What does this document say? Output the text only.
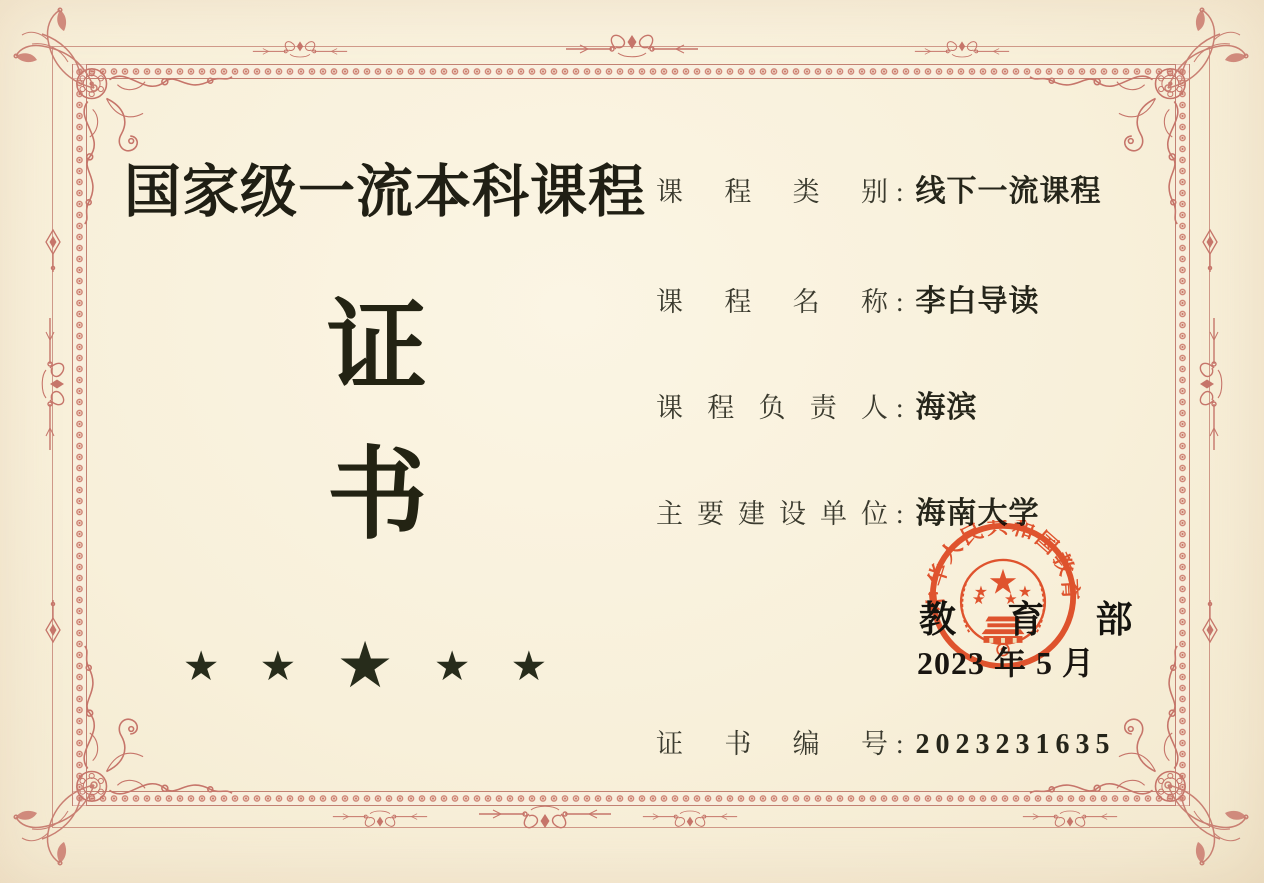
国家级一流本科课程
证
书
★ ★ ★ ★ ★
课 程 类 别 : 线下一流课程
课 程 名 称 : 李白导读
课 程 负 责 人 : 海滨
主 要 建 设 单 位 : 海南大学
教 育 部
2023 年 5 月
证 书 编 号 : 2023231635
